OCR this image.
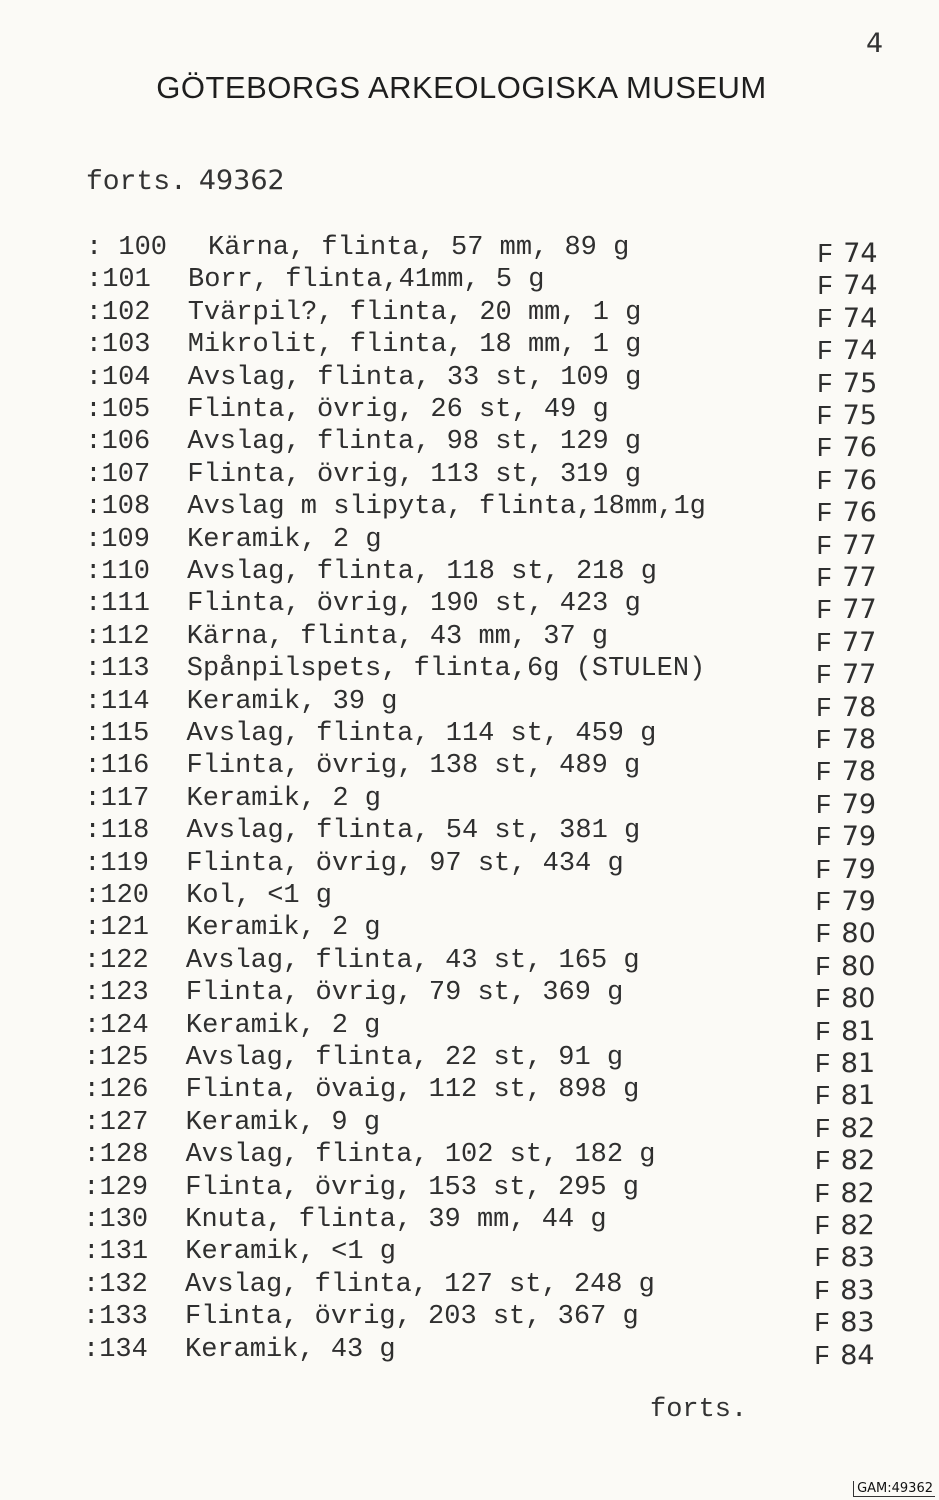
4
GÖTEBORGS ARKEOLOGISKA MUSEUM
forts. 49362
: 100	Kärna, flinta, 57 mm, 89 g	F 74
:101	Borr, flinta,41mm, 5 g	F 74
:102	Tvärpil?, flinta, 20 mm, 1 g	F 74
:103	Mikrolit, flinta, 18 mm, 1 g	F 74
:104	Avslag, flinta, 33 st, 109 g	F 75
:105	Flinta, övrig, 26 st, 49 g	F 75
:106	Avslag, flinta, 98 st, 129 g	F 76
:107	Flinta, övrig, 113 st, 319 g	F 76
:108	Avslag m slipyta, flinta,18mm,1g	F 76
:109	Keramik, 2 g	F 77
:110	Avslag, flinta, 118 st, 218 g	F 77
:111	Flinta, övrig, 190 st, 423 g	F 77
:112	Kärna, flinta, 43 mm, 37 g	F 77
:113	Spånpilspets, flinta,6g (STULEN)	F 77
:114	Keramik, 39 g	F 78
:115	Avslag, flinta, 114 st, 459 g	F 78
:116	Flinta, övrig, 138 st, 489 g	F 78
:117	Keramik, 2 g	F 79
:118	Avslag, flinta, 54 st, 381 g	F 79
:119	Flinta, övrig, 97 st, 434 g	F 79
:120	Kol, <1 g	F 79
:121	Keramik, 2 g	F 80
:122	Avslag, flinta, 43 st, 165 g	F 80
:123	Flinta, övrig, 79 st, 369 g	F 80
:124	Keramik, 2 g	F 81
:125	Avslag, flinta, 22 st, 91 g	F 81
:126	Flinta, övaig, 112 st, 898 g	F 81
:127	Keramik, 9 g	F 82
:128	Avslag, flinta, 102 st, 182 g	F 82
:129	Flinta, övrig, 153 st, 295 g	F 82
:130	Knuta, flinta, 39 mm, 44 g	F 82
:131	Keramik, <1 g	F 83
:132	Avslag, flinta, 127 st, 248 g	F 83
:133	Flinta, övrig, 203 st, 367 g	F 83
:134	Keramik, 43 g	F 84
forts.
GAM:49362
